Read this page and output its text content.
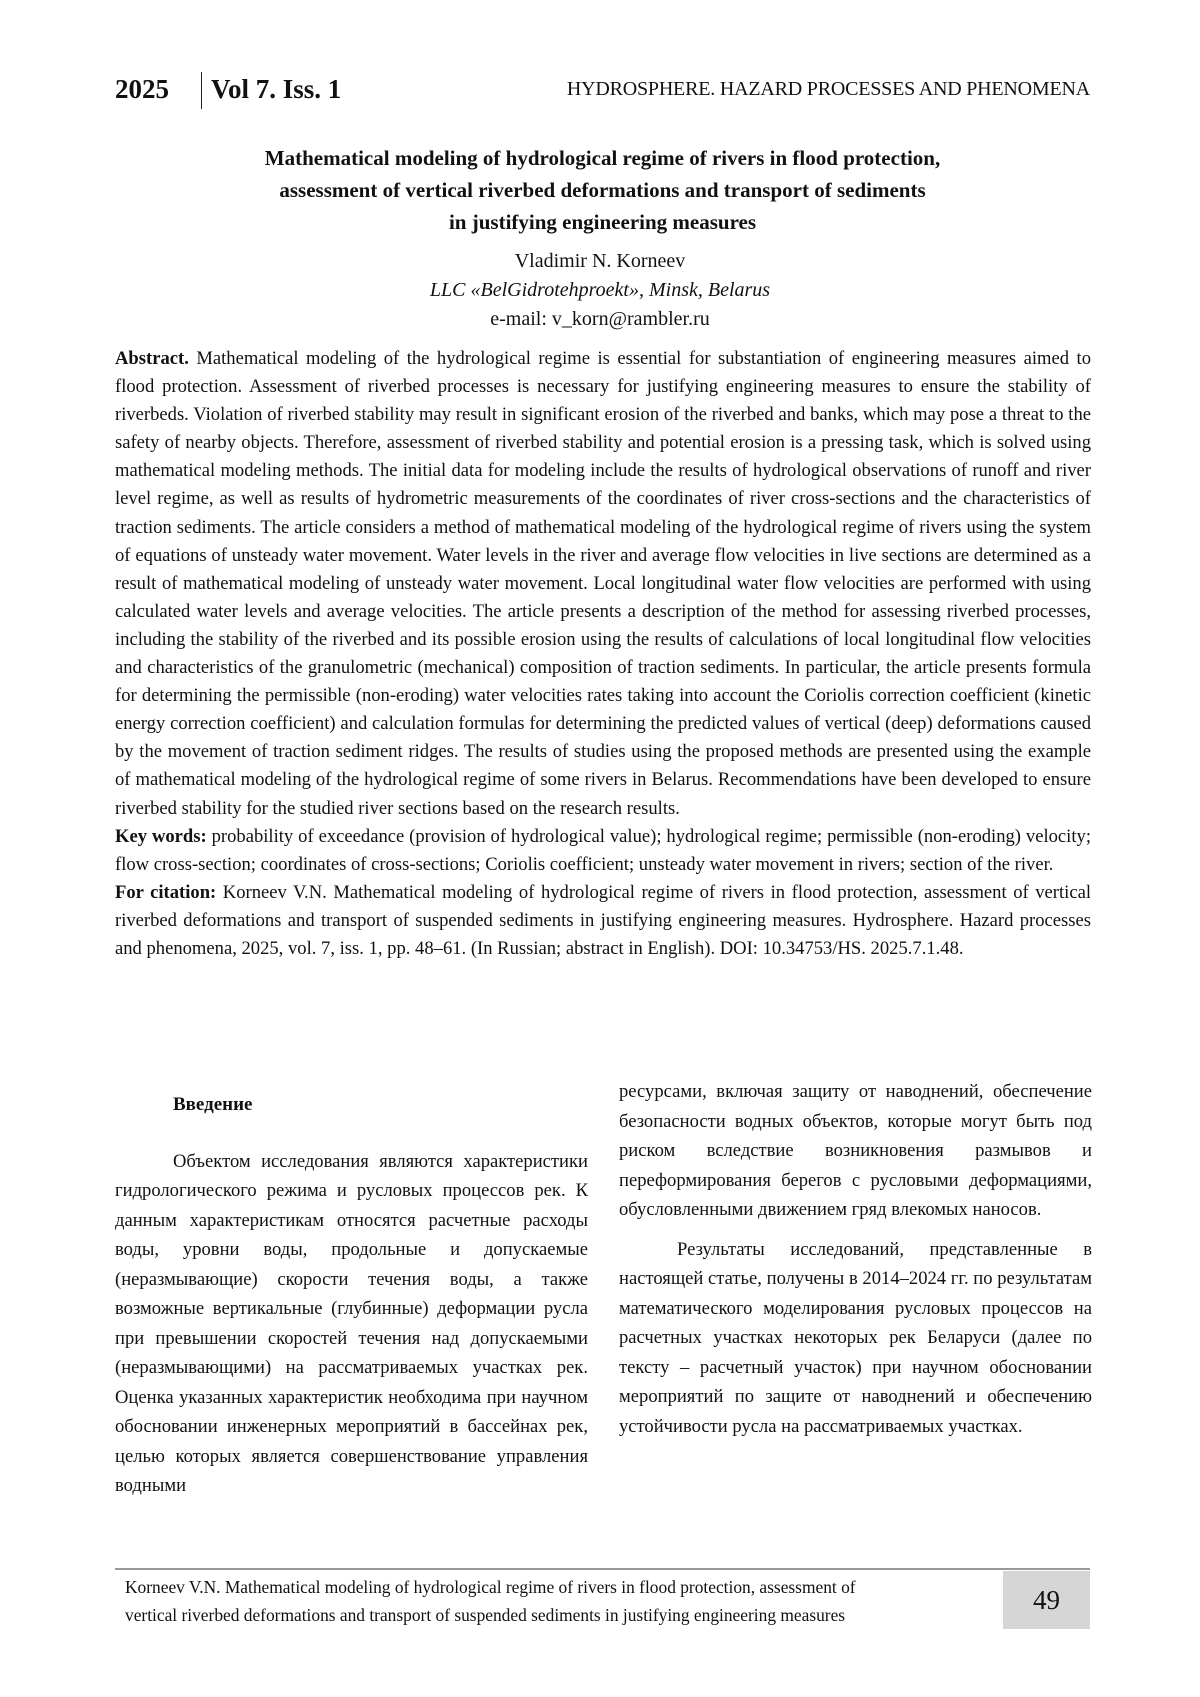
2025 Vol 7. Iss. 1	HYDROSPHERE. HAZARD PROCESSES AND PHENOMENA
Mathematical modeling of hydrological regime of rivers in flood protection,
assessment of vertical riverbed deformations and transport of sediments
in justifying engineering measures
Vladimir N. Korneev
LLC «BelGidrotehproekt», Minsk, Belarus
e-mail: v_korn@rambler.ru

Abstract. Mathematical modeling of the hydrological regime is essential for substantiation of engineering measures aimed to flood protection. Assessment of riverbed processes is necessary for justifying engineering measures to ensure the stability of riverbeds. Violation of riverbed stability may result in significant erosion of the riverbed and banks, which may pose a threat to the safety of nearby objects. Therefore, assessment of riverbed stability and potential erosion is a pressing task, which is solved using mathematical modeling methods. The initial data for modeling include the results of hydrological observations of runoff and river level regime, as well as results of hydrometric measurements of the coordinates of river cross-sections and the characteristics of traction sediments. The article considers a method of mathematical modeling of the hydrological regime of rivers using the system of equations of unsteady water movement. Water levels in the river and average flow velocities in live sections are determined as a result of mathematical modeling of unsteady water movement. Local longitudinal water flow velocities are performed with using calculated water levels and average velocities. The article presents a description of the method for assessing riverbed processes, including the stability of the riverbed and its possible erosion using the results of calculations of local longitudinal flow velocities and characteristics of the granulometric (mechanical) composition of traction sediments. In particular, the article presents formula for determining the permissible (non-eroding) water velocities rates taking into account the Coriolis correction coefficient (kinetic energy correction coefficient) and calculation formulas for determining the predicted values of vertical (deep) deformations caused by the movement of traction sediment ridges. The results of studies using the proposed methods are presented using the example of mathematical modeling of the hydrological regime of some rivers in Belarus. Recommendations have been developed to ensure riverbed stability for the studied river sections based on the research results.

Key words: probability of exceedance (provision of hydrological value); hydrological regime; permissible (non-eroding) velocity; flow cross-section; coordinates of cross-sections; Coriolis coefficient; unsteady water movement in rivers; section of the river.

For citation: Korneev V.N. Mathematical modeling of hydrological regime of rivers in flood protection, assessment of vertical riverbed deformations and transport of suspended sediments in justifying engineering measures. Hydrosphere. Hazard processes and phenomena, 2025, vol. 7, iss. 1, pp. 48–61. (In Russian; abstract in English). DOI: 10.34753/HS. 2025.7.1.48.

Введение

Объектом исследования являются характеристики гидрологического режима и русловых процессов рек. К данным характеристикам относятся расчетные расходы воды, уровни воды, продольные и допускаемые (неразмывающие) скорости течения воды, а также возможные вертикальные (глубинные) деформации русла при превышении скоростей течения над допускаемыми (неразмывающими) на рассматриваемых участках рек. Оценка указанных характеристик необходима при научном обосновании инженерных мероприятий в бассейнах рек, целью которых является совершенствование управления водными

ресурсами, включая защиту от наводнений, обеспечение безопасности водных объектов, которые могут быть под риском вследствие возникновения размывов и переформирования берегов с русловыми деформациями, обусловленными движением гряд влекомых наносов.

Результаты исследований, представленные в настоящей статье, получены в 2014–2024 гг. по результатам математического моделирования русловых процессов на расчетных участках некоторых рек Беларуси (далее по тексту – расчетный участок) при научном обосновании мероприятий по защите от наводнений и обеспечению устойчивости русла на рассматриваемых участках.

Korneev V.N. Mathematical modeling of hydrological regime of rivers in flood protection, assessment of
vertical riverbed deformations and transport of suspended sediments in justifying engineering measures
49
